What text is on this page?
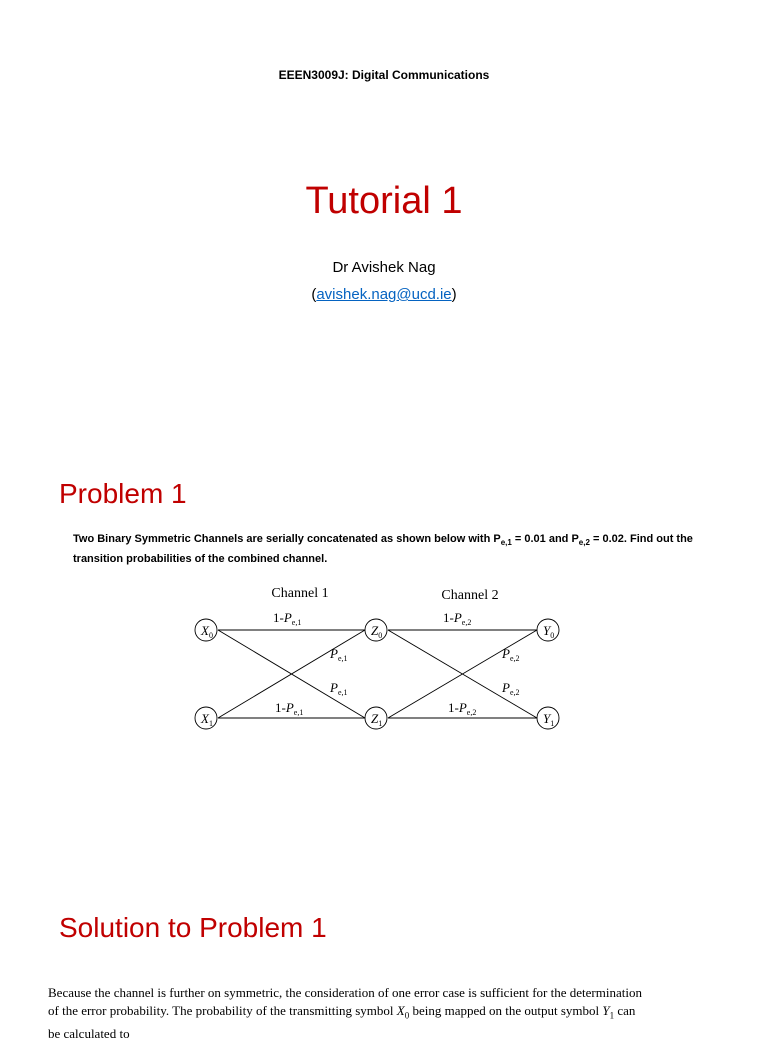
EEEN3009J: Digital Communications
Tutorial 1
Dr Avishek Nag
(avishek.nag@ucd.ie)
Problem 1
Two Binary Symmetric Channels are serially concatenated as shown below with $P_{e,1} = 0.01$ and $P_{e,2} = 0.02$. Find out the transition probabilities of the combined channel.
Channel 1	Channel 2
$X_0$
$X_1$
$Z_0$
$Z_1$
$Y_0$
$Y_1$
$1-P_{e,1}$
$P_{e,1}$
$P_{e,1}$
$1-P_{e,1}$
$1-P_{e,2}$
$P_{e,2}$
$P_{e,2}$
$1-P_{e,2}$
Solution to Problem 1
Because the channel is further on symmetric, the consideration of one error case is sufficient for the determination
of the error probability. The probability of the transmitting symbol $X_0$ being mapped on the output symbol $Y_1$ can
be calculated to
